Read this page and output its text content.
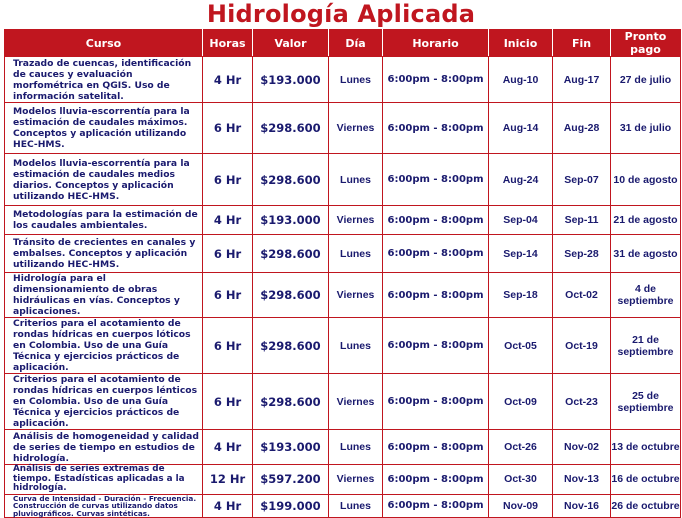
Hidrología Aplicada
Curso	Horas	Valor	Día	Horario	Inicio	Fin	Pronto pago
Trazado de cuencas, identificación de cauces y evaluación morfométrica en QGIS. Uso de información satelital.	4 Hr	$193.000	Lunes	6:00pm - 8:00pm	Aug-10	Aug-17	27 de julio
Modelos lluvia-escorrentía para la estimación de caudales máximos. Conceptos y aplicación utilizando HEC-HMS.	6 Hr	$298.600	Viernes	6:00pm - 8:00pm	Aug-14	Aug-28	31 de julio
Modelos lluvia-escorrentía para la estimación de caudales medios diarios. Conceptos y aplicación utilizando HEC-HMS.	6 Hr	$298.600	Lunes	6:00pm - 8:00pm	Aug-24	Sep-07	10 de agosto
Metodologías para la estimación de los caudales ambientales.	4 Hr	$193.000	Viernes	6:00pm - 8:00pm	Sep-04	Sep-11	21 de agosto
Tránsito de crecientes en canales y embalses. Conceptos y aplicación utilizando HEC-HMS.	6 Hr	$298.600	Lunes	6:00pm - 8:00pm	Sep-14	Sep-28	31 de agosto
Hidrología para el dimensionamiento de obras hidráulicas en vías. Conceptos y aplicaciones.	6 Hr	$298.600	Viernes	6:00pm - 8:00pm	Sep-18	Oct-02	4 de septiembre
Criterios para el acotamiento de rondas hídricas en cuerpos lóticos en Colombia. Uso de una Guía Técnica y ejercicios prácticos de aplicación.	6 Hr	$298.600	Lunes	6:00pm - 8:00pm	Oct-05	Oct-19	21 de septiembre
Criterios para el acotamiento de rondas hídricas en cuerpos lénticos en Colombia. Uso de una Guía Técnica y ejercicios prácticos de aplicación.	6 Hr	$298.600	Viernes	6:00pm - 8:00pm	Oct-09	Oct-23	25 de septiembre
Análisis de homogeneidad y calidad de series de tiempo en estudios de hidrología.	4 Hr	$193.000	Lunes	6:00pm - 8:00pm	Oct-26	Nov-02	13 de octubre
Análisis de series extremas de tiempo. Estadísticas aplicadas a la hidrología.	12 Hr	$597.200	Viernes	6:00pm - 8:00pm	Oct-30	Nov-13	16 de octubre
Curva de Intensidad - Duración - Frecuencia. Construcción de curvas utilizando datos pluviográficos. Curvas sintéticas.	4 Hr	$199.000	Lunes	6:00pm - 8:00pm	Nov-09	Nov-16	26 de octubre
